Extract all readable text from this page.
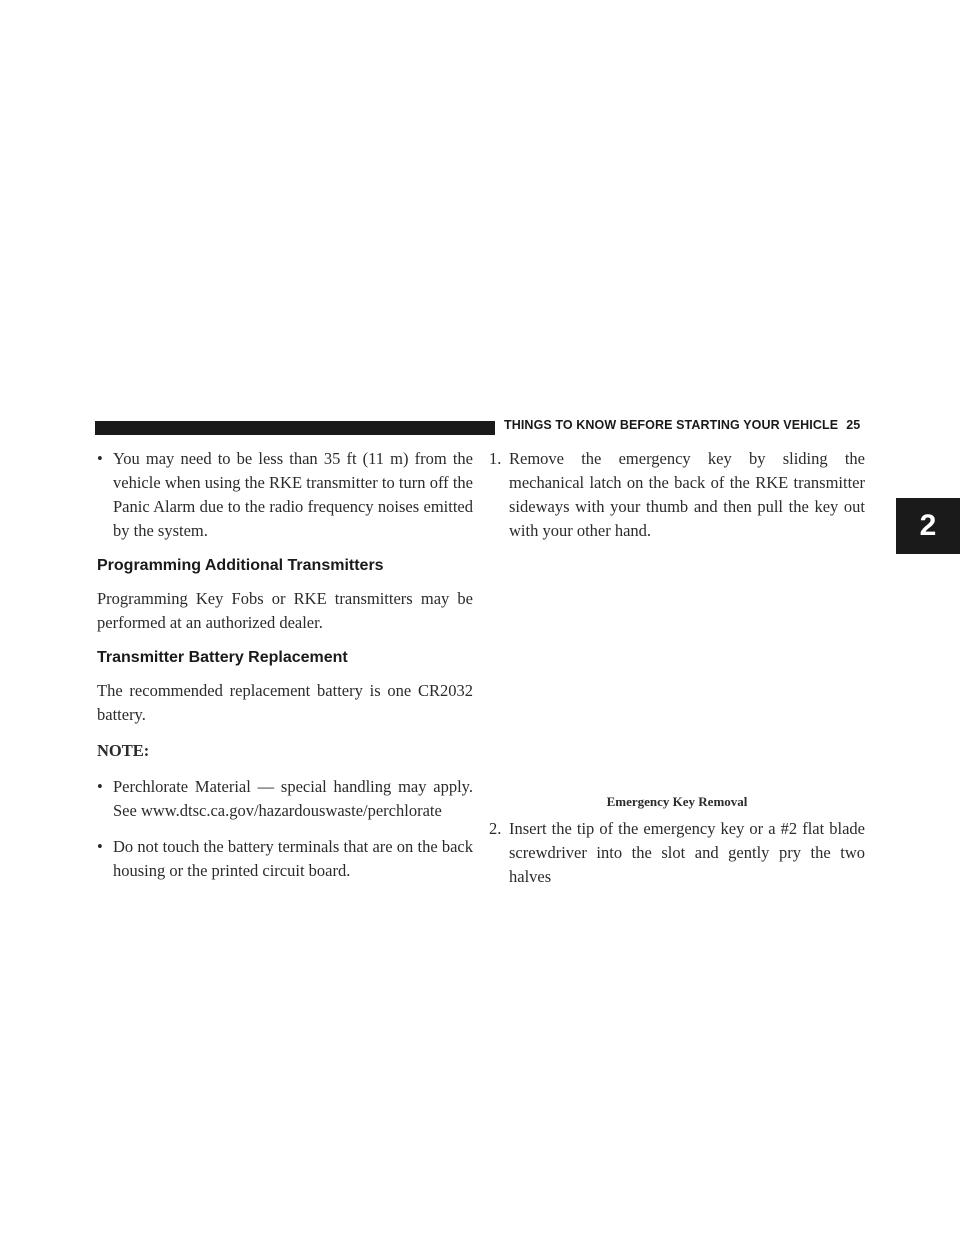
THINGS TO KNOW BEFORE STARTING YOUR VEHICLE 25
2
• You may need to be less than 35 ft (11 m) from the vehicle when using the RKE transmitter to turn off the Panic Alarm due to the radio frequency noises emitted by the system.
Programming Additional Transmitters

Programming Key Fobs or RKE transmitters may be performed at an authorized dealer.

Transmitter Battery Replacement

The recommended replacement battery is one CR2032 battery.

NOTE:
• Perchlorate Material — special handling may apply. See www.dtsc.ca.gov/hazardouswaste/perchlorate
• Do not touch the battery terminals that are on the back housing or the printed circuit board.
1. Remove the emergency key by sliding the mechanical latch on the back of the RKE transmitter sideways with your thumb and then pull the key out with your other hand.
Emergency Key Removal
2. Insert the tip of the emergency key or a #2 flat blade screwdriver into the slot and gently pry the two halves
